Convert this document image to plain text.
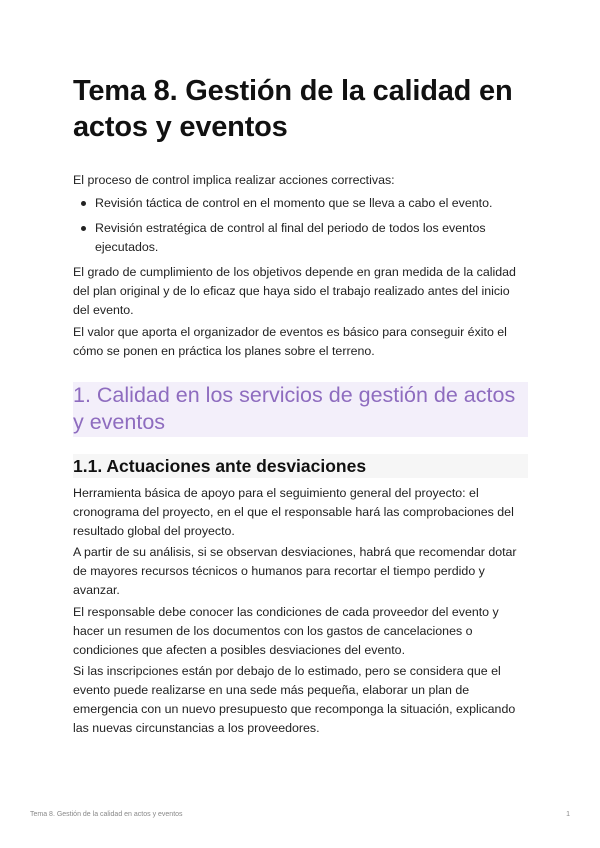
Tema 8. Gestión de la calidad en actos y eventos

El proceso de control implica realizar acciones correctivas:

Revisión táctica de control en el momento que se lleva a cabo el evento.
Revisión estratégica de control al final del periodo de todos los eventos ejecutados.

El grado de cumplimiento de los objetivos depende en gran medida de la calidad del plan original y de lo eficaz que haya sido el trabajo realizado antes del inicio del evento.

El valor que aporta el organizador de eventos es básico para conseguir éxito el cómo se ponen en práctica los planes sobre el terreno.

1. Calidad en los servicios de gestión de actos y eventos
1.1. Actuaciones ante desviaciones

Herramienta básica de apoyo para el seguimiento general del proyecto: el cronograma del proyecto, en el que el responsable hará las comprobaciones del resultado global del proyecto.

A partir de su análisis, si se observan desviaciones, habrá que recomendar dotar de mayores recursos técnicos o humanos para recortar el tiempo perdido y avanzar.

El responsable debe conocer las condiciones de cada proveedor del evento y hacer un resumen de los documentos con los gastos de cancelaciones o condiciones que afecten a posibles desviaciones del evento.

Si las inscripciones están por debajo de lo estimado, pero se considera que el evento puede realizarse en una sede más pequeña, elaborar un plan de emergencia con un nuevo presupuesto que recomponga la situación, explicando las nuevas circunstancias a los proveedores.

Tema 8. Gestión de la calidad en actos y eventos	1
